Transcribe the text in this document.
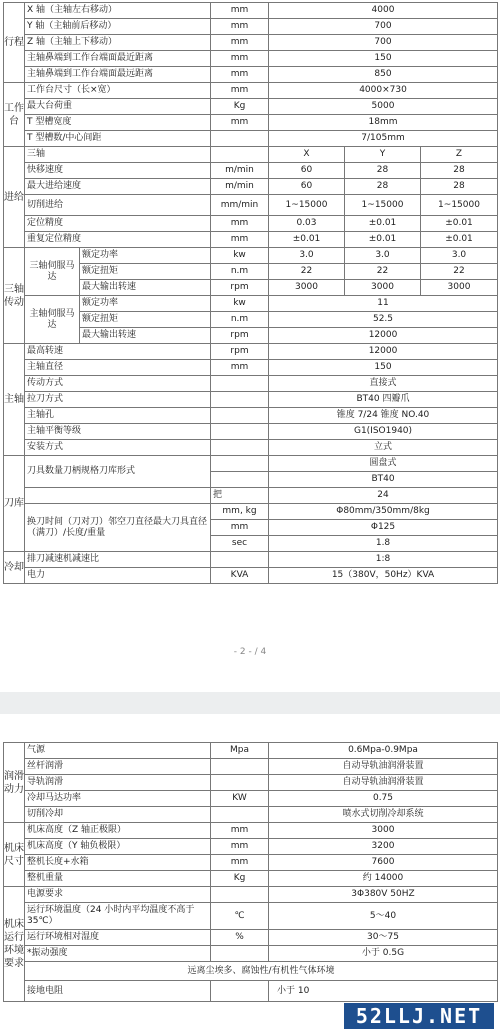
行程	X 轴（主轴左右移动）		mm	4000		
	Y 轴（主轴前后移动）		mm	700		
	Z 轴（主轴上下移动）		mm	700		
	主轴鼻端到工作台端面最近距离		mm	150		
	主轴鼻端到工作台端面最远距离		mm	850		
工作台	工作台尺寸（长×宽）		mm	4000×730		
	最大台荷重		Kg	5000		
	T 型槽宽度		mm	18mm		
	T 型槽数/中心间距			7/105mm		
进给	三轴			X	Y	Z
	快移速度		m/min	60	28	28
	最大进给速度		m/min	60	28	28
	切削进给		mm/min	1~15000	1~15000	1~15000
	定位精度		mm	0.03	±0.01	±0.01
	重复定位精度		mm	±0.01	±0.01	±0.01
三轴传动	三轴伺服马达	额定功率	kw	3.0	3.0	3.0
		额定扭矩	n.m	22	22	22
		最大输出转速	rpm	3000	3000	3000
	主轴伺服马达	额定功率	kw	11		
		额定扭矩	n.m	52.5		
		最大输出转速	rpm	12000		
主轴	最高转速		rpm	12000		
	主轴直径		mm	150		
	传动方式			直接式		
	拉刀方式			BT40 四瓣爪		
	主轴孔			锥度 7/24 锥度 NO.40		
	主轴平衡等级			G1(ISO1940)		
	安装方式			立式		
刀库	刀具数量刀柄规格刀库形式			圆盘式		
				BT40		
			把	24		
	换刀时间（刀对刀）邻空刀直径最大刀具直径（满刀）/长度/重量		mm, kg	Φ80mm/350mm/8kg		
			mm	Φ125		
			sec	1.8		
冷却	排刀减速机减速比			1:8		
	电力		KVA	15（380V，50Hz）KVA		
- 2 - / 4
润滑动力	气源	Mpa	0.6Mpa-0.9Mpa
	丝杆润滑		自动导轨油润滑装置
	导轨润滑		自动导轨油润滑装置
	冷却马达功率	KW	0.75
	切削冷却		喷水式切削冷却系统
机床尺寸	机床高度（Z 轴正极限）	mm	3000
	机床高度（Y 轴负极限）	mm	3200
	整机长度+水箱	mm	7600
	整机重量	Kg	约 14000
机床运行环境要求	电源要求		3Φ380V 50HZ
	运行环境温度（24 小时内平均温度不高于 35℃）	℃	5～40
	运行环境相对湿度	%	30～75
	*振动强度		小于 0.5G
	远离尘埃多、腐蚀性/有机性气体环境		
	接地电阻		小于 10
52LLJ.NET
